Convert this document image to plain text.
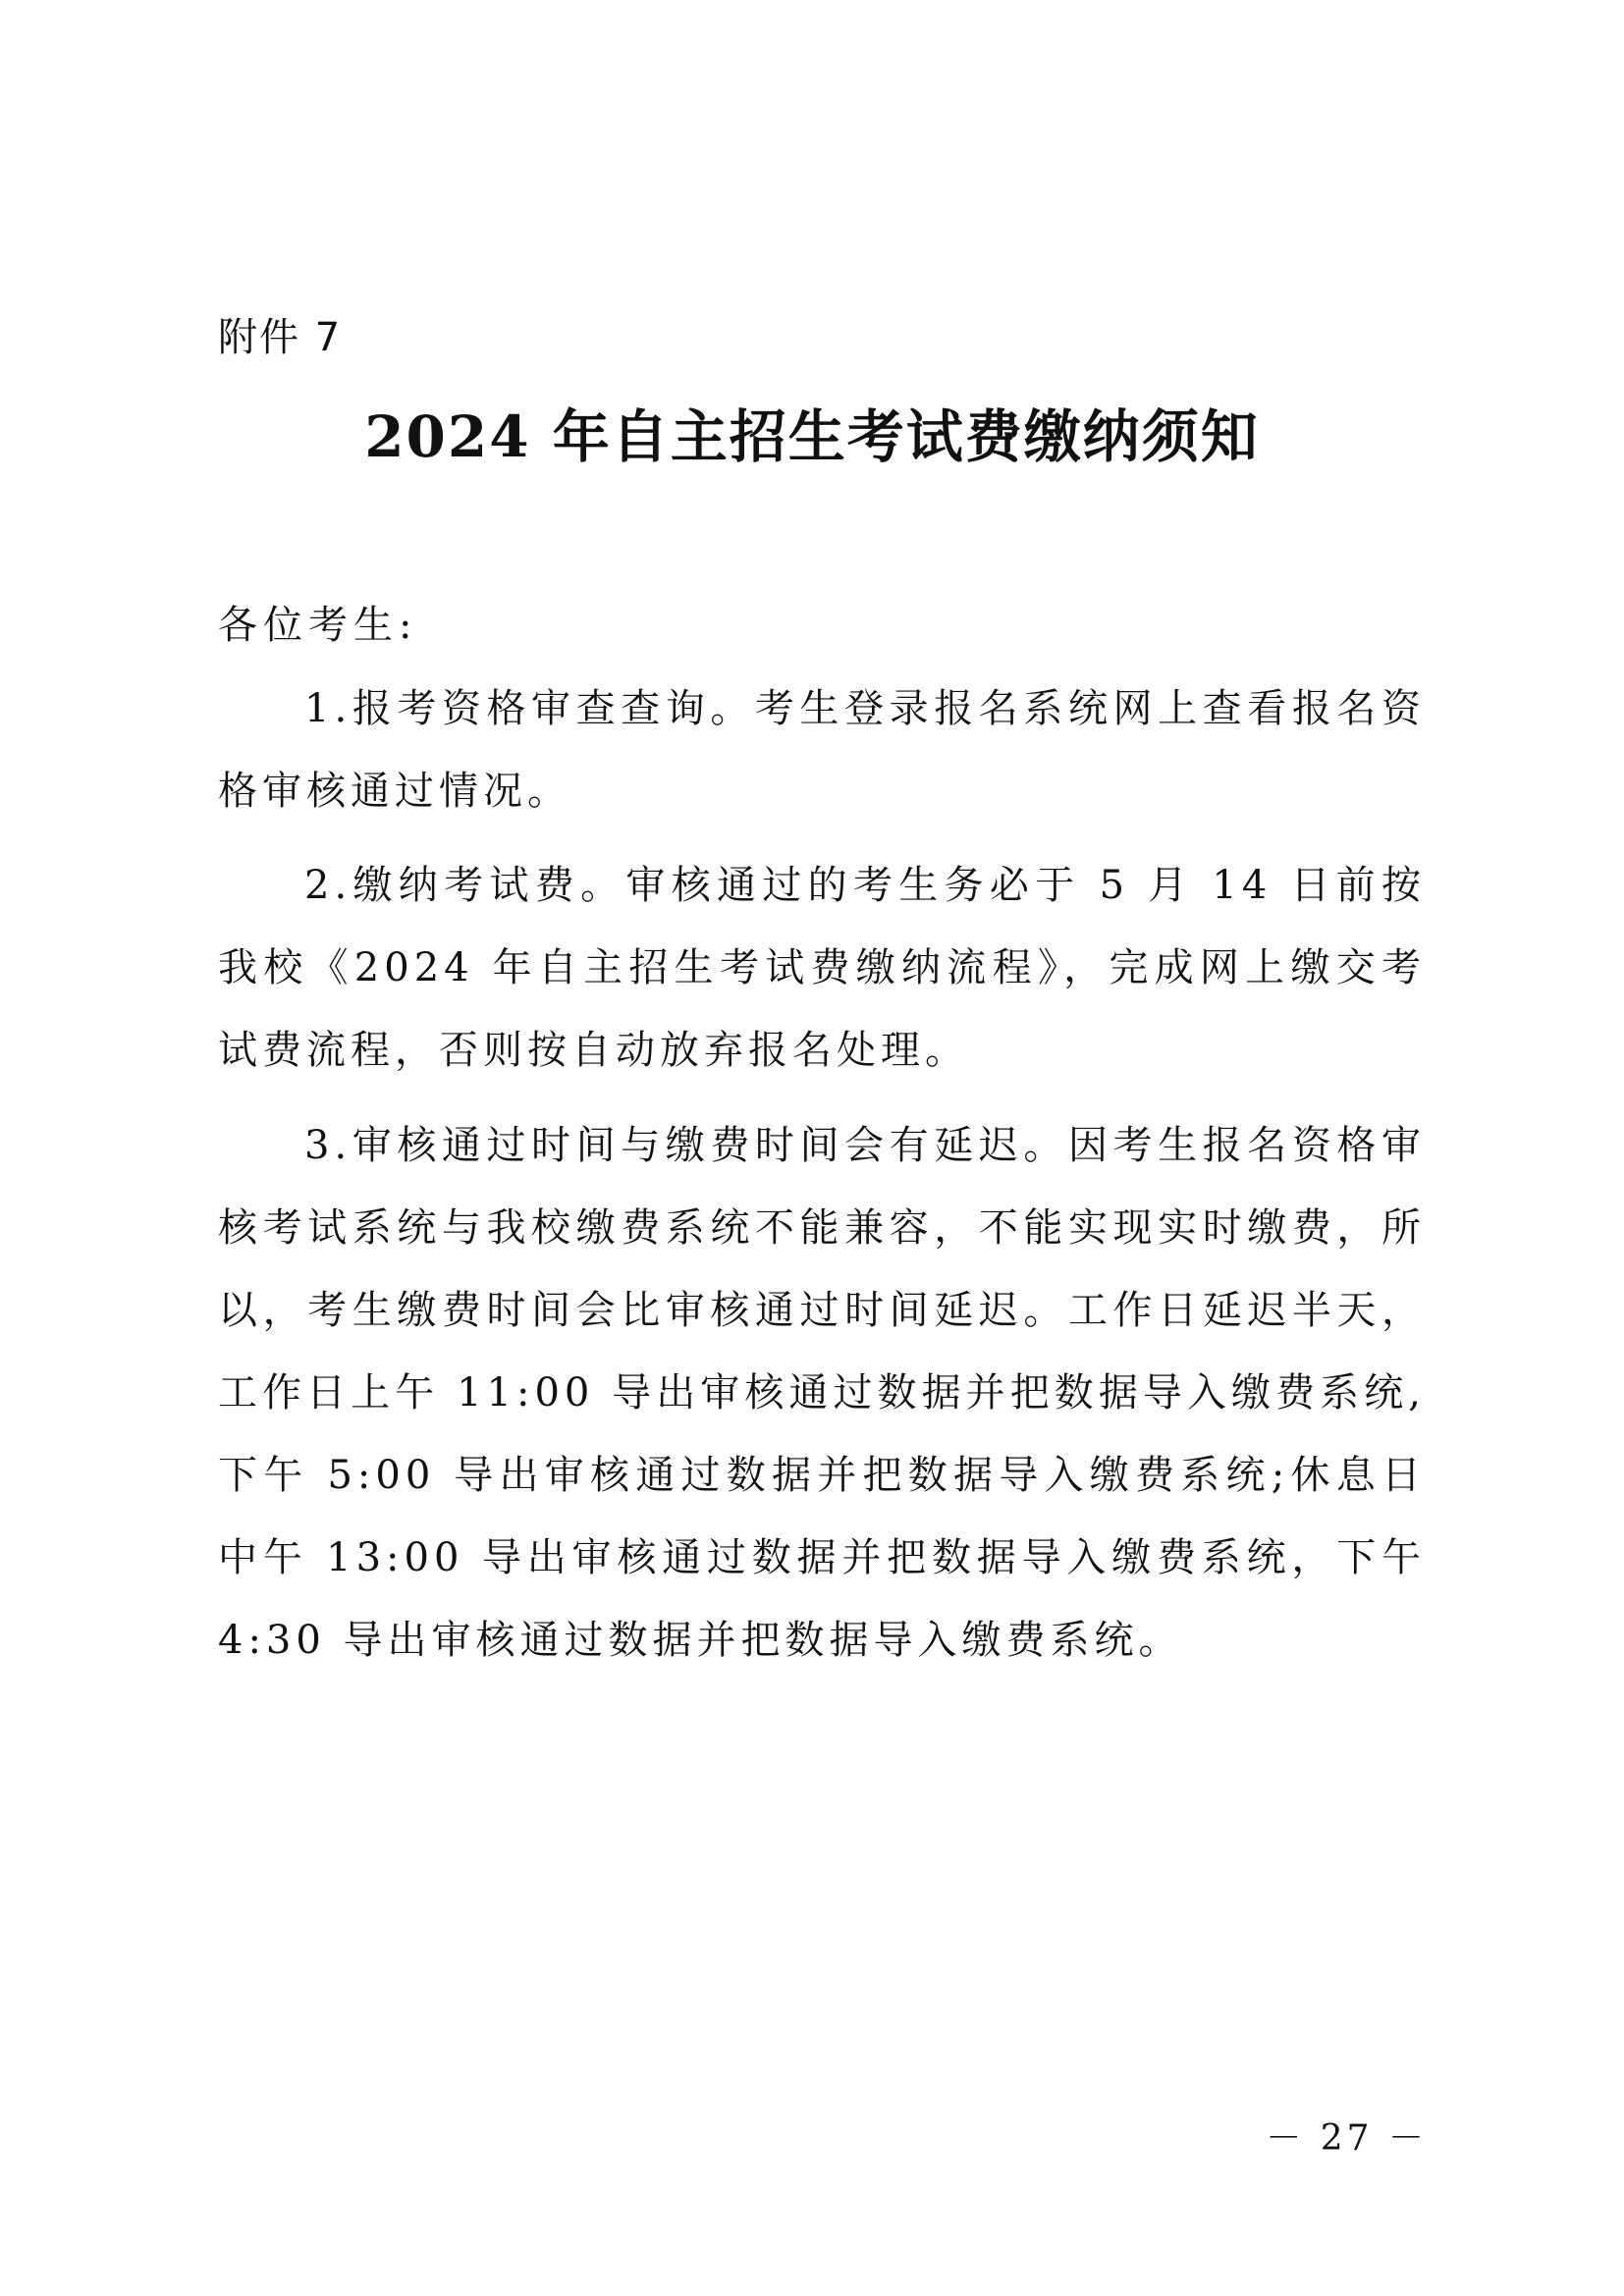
附件 7
2024 年自主招生考试费缴纳须知
各位考生:

1.报考资格审查查询。考生登录报名系统网上查看报名资格审核通过情况。

2.缴纳考试费。审核通过的考生务必于 5 月 14 日前按我校《2024 年自主招生考试费缴纳流程》，完成网上缴交考试费流程，否则按自动放弃报名处理。

3.审核通过时间与缴费时间会有延迟。因考生报名资格审核考试系统与我校缴费系统不能兼容，不能实现实时缴费，所以，考生缴费时间会比审核通过时间延迟。工作日延迟半天，工作日上午 11:00 导出审核通过数据并把数据导入缴费系统,下午 5:00 导出审核通过数据并把数据导入缴费系统;休息日中午 13:00 导出审核通过数据并把数据导入缴费系统，下午 4:30 导出审核通过数据并把数据导入缴费系统。

－ 27 －
